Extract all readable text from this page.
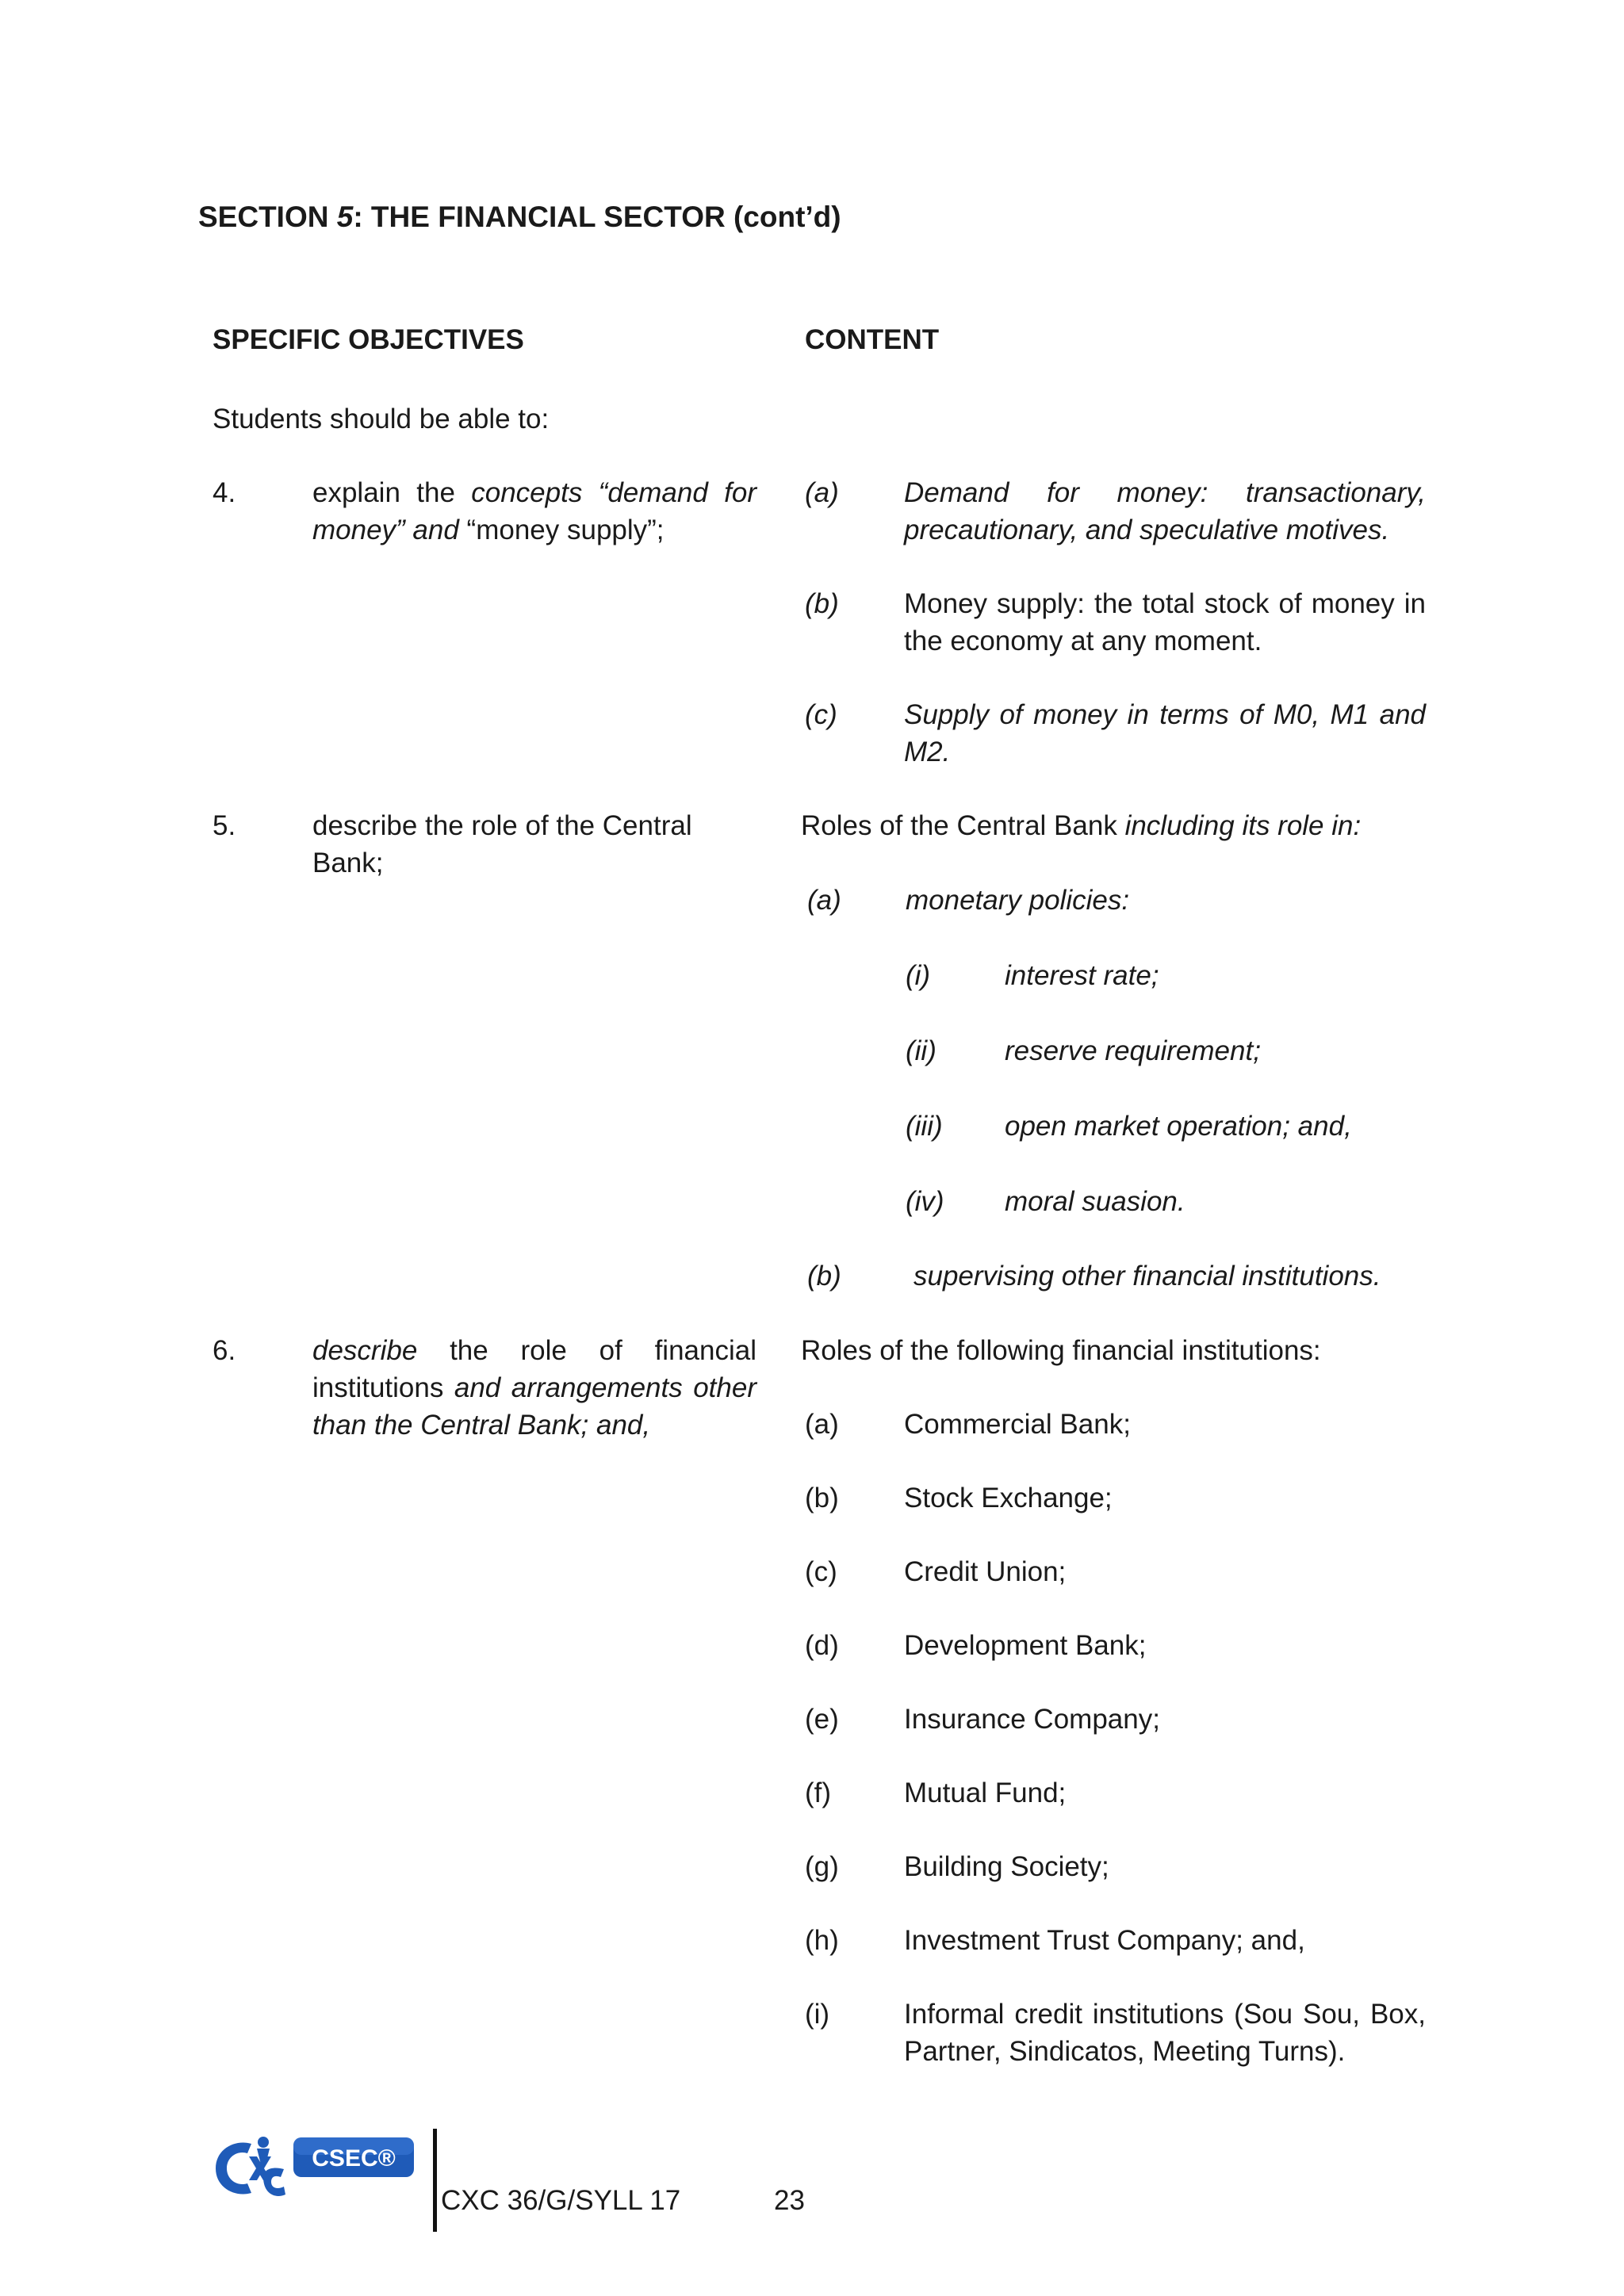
SECTION 5: THE FINANCIAL SECTOR (cont’d)
SPECIFIC OBJECTIVES	CONTENT
Students should be able to:
4.	explain the concepts “demand for money” and “money supply”;
(a) Demand for money: transactionary, precautionary, and speculative motives.
(b) Money supply: the total stock of money in the economy at any moment.
(c) Supply of money in terms of M0, M1 and M2.
5.	describe the role of the Central Bank;
Roles of the Central Bank including its role in:
(a) monetary policies:
(i)	interest rate;
(ii) reserve requirement;
(iii) open market operation; and,
(iv) moral suasion.
(b)	supervising other financial institutions.
6.	describe the role of financial institutions and arrangements other than the Central Bank; and,
Roles of the following financial institutions:
(a) Commercial Bank;
(b) Stock Exchange;
(c) Credit Union;
(d) Development Bank;
(e) Insurance Company;
(f)	Mutual Fund;
(g) Building Society;
(h) Investment Trust Company; and,
(i)	Informal credit institutions (Sou Sou, Box, Partner, Sindicatos, Meeting Turns).
CSEC®
CXC 36/G/SYLL 17	23
